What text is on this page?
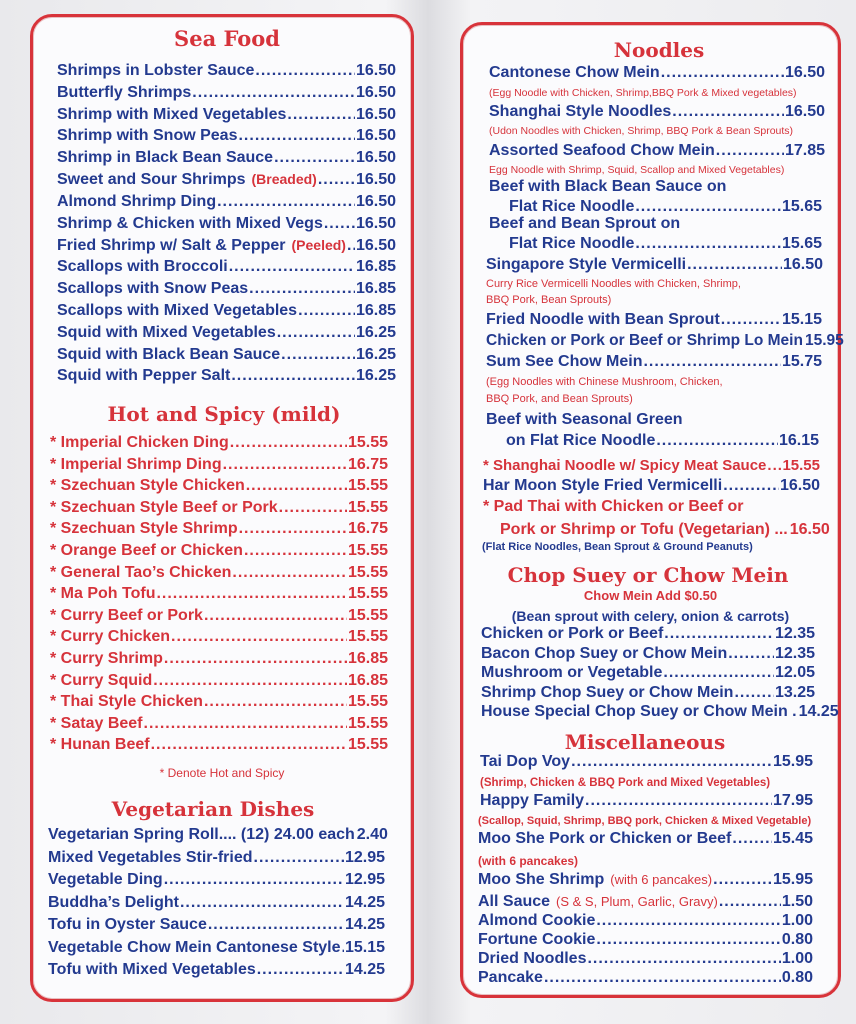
Sea Food
Shrimps in Lobster Sauce .....	16.50
Butterfly Shrimps .....	16.50
Shrimp with Mixed Vegetables .....	16.50
Shrimp with Snow Peas .....	16.50
Shrimp in Black Bean Sauce .....	16.50
Sweet and Sour Shrimps (Breaded) ..... 16.50
Almond Shrimp Ding .....	16.50
Shrimp & Chicken with Mixed Vegs ..... 16.50
Fried Shrimp w/ Salt & Pepper (Peeled) ..... 16.50
Scallops with Broccoli .....	16.85
Scallops with Snow Peas .....	16.85
Scallops with Mixed Vegetables .....	16.85
Squid with Mixed Vegetables .....	16.25
Squid with Black Bean Sauce .....	16.25
Squid with Pepper Salt .....	16.25
Hot and Spicy (mild)
* Imperial Chicken Ding .....	15.55
* Imperial Shrimp Ding .....	16.75
* Szechuan Style Chicken .....	15.55
* Szechuan Style Beef or Pork .....	15.55
* Szechuan Style Shrimp .....	16.75
* Orange Beef or Chicken .....	15.55
* General Tao’s Chicken .....	15.55
* Ma Poh Tofu .....	15.55
* Curry Beef or Pork .....	15.55
* Curry Chicken .....	15.55
* Curry Shrimp .....	16.85
* Curry Squid .....	16.85
* Thai Style Chicken .....	15.55
* Satay Beef .....	15.55
* Hunan Beef .....	15.55
* Denote Hot and Spicy
Vegetarian Dishes
Vegetarian Spring Roll.... (12) 24.00 each 2.40
Mixed Vegetables Stir-fried .....	12.95
Vegetable Ding .....	12.95
Buddha’s Delight .....	14.25
Tofu in Oyster Sauce .....	14.25
Vegetable Chow Mein Cantonese Style ..... 15.15
Tofu with Mixed Vegetables .....	14.25
Noodles
Cantonese Chow Mein .....	16.50
(Egg Noodle with Chicken, Shrimp,BBQ Pork & Mixed vegetables)
Shanghai Style Noodles .....	16.50
(Udon Noodles with Chicken, Shrimp, BBQ Pork & Bean Sprouts)
Assorted Seafood Chow Mein .....	17.85
Egg Noodle with Shrimp, Squid, Scallop and Mixed Vegetables)
Beef with Black Bean Sauce on
Flat Rice Noodle .....	15.65
Beef and Bean Sprout on
Flat Rice Noodle .....	15.65
Singapore Style Vermicelli .....	16.50
Curry Rice Vermicelli Noodles with Chicken, Shrimp,
BBQ Pork, Bean Sprouts)
Fried Noodle with Bean Sprout .....	15.15
Chicken or Pork or Beef or Shrimp Lo Mein 15.95
Sum See Chow Mein .....	15.75
(Egg Noodles with Chinese Mushroom, Chicken,
BBQ Pork, and Bean Sprouts)
Beef with Seasonal Green
on Flat Rice Noodle .....	16.15
* Shanghai Noodle w/ Spicy Meat Sauce ..... 15.55
Har Moon Style Fried Vermicelli .....	16.50
* Pad Thai with Chicken or Beef or
Pork or Shrimp or Tofu (Vegetarian) ... 16.50
(Flat Rice Noodles, Bean Sprout & Ground Peanuts)
Chop Suey or Chow Mein
Chow Mein Add $0.50
(Bean sprout with celery, onion & carrots)
Chicken or Pork or Beef .....	12.35
Bacon Chop Suey or Chow Mein .....	12.35
Mushroom or Vegetable .....	12.05
Shrimp Chop Suey or Chow Mein .....	13.25
House Special Chop Suey or Chow Mein . 14.25
Miscellaneous
Tai Dop Voy .....	15.95
(Shrimp, Chicken & BBQ Pork and Mixed Vegetables)
Happy Family .....	17.95
(Scallop, Squid, Shrimp, BBQ pork, Chicken & Mixed Vegetable)
Moo She Pork or Chicken or Beef .....	15.45
(with 6 pancakes)
Moo She Shrimp (with 6 pancakes) .....	15.95
All Sauce (S & S, Plum, Garlic, Gravy) .....	1.50
Almond Cookie .....	1.00
Fortune Cookie .....	0.80
Dried Noodles .....	1.00
Pancake .....	0.80
